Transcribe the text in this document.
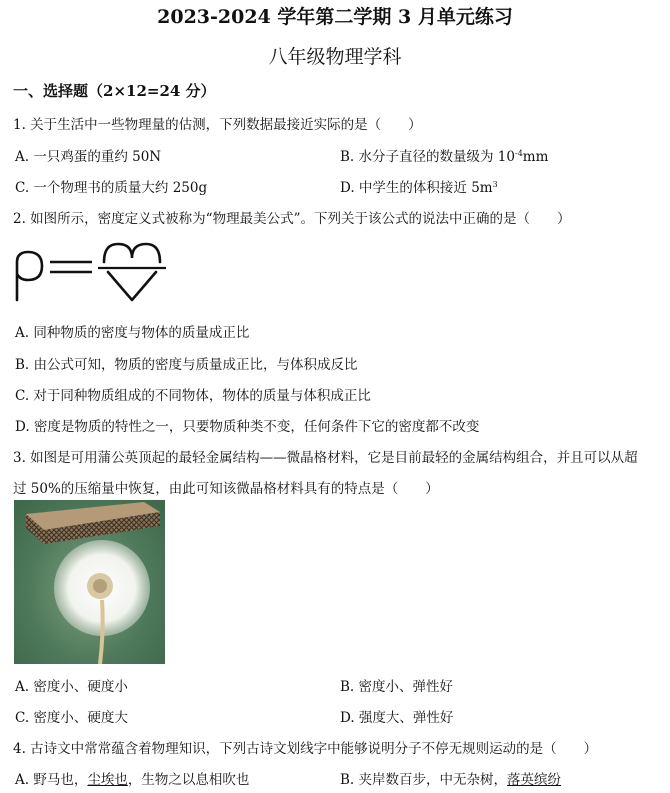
2023-2024 学年第二学期 3 月单元练习
八年级物理学科
一、选择题（2×12=24 分）
1. 关于生活中一些物理量的估测，下列数据最接近实际的是（　　）
A. 一只鸡蛋的重约 50N	B. 水分子直径的数量级为 $10^{-4}mm$
C. 一个物理书的质量大约 250g	D. 中学生的体积接近 $5m^3$
2. 如图所示，密度定义式被称为“物理最美公式”。下列关于该公式的说法中正确的是（　　）
A. 同种物质的密度与物体的质量成正比
B. 由公式可知，物质的密度与质量成正比，与体积成反比
C. 对于同种物质组成的不同物体，物体的质量与体积成正比
D. 密度是物质的特性之一，只要物质种类不变，任何条件下它的密度都不改变
3. 如图是可用蒲公英顶起的最轻金属结构——微晶格材料，它是目前最轻的金属结构组合，并且可以从超
过 50%的压缩量中恢复，由此可知该微晶格材料具有的特点是（　　）
A. 密度小、硬度小	B. 密度小、弹性好
C. 密度小、硬度大	D. 强度大、弹性好
4. 古诗文中常常蕴含着物理知识，下列古诗文划线字中能够说明分子不停无规则运动的是（　　）
A. 野马也，尘埃也，生物之以息相吹也	B. 夹岸数百步，中无杂树，落英缤纷
